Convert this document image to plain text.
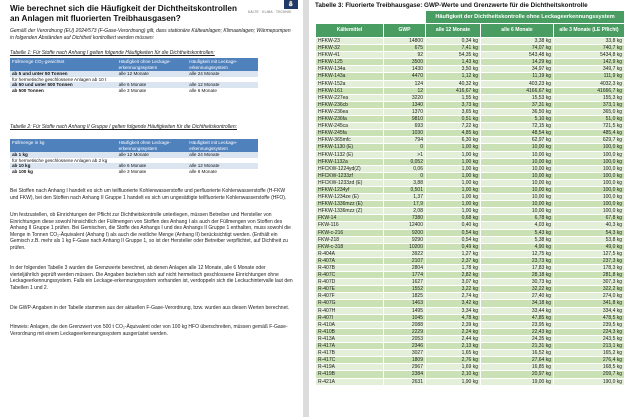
⛄
KÄLTE · KLIMA · TECHNIK
Wie berechnet sich die Häufigkeit der Dichtheitskontrollen an Anlagen mit fluorierten Treibhausgasen?

Gemäß der Verordnung (EU) 2024/573 (F-Gase-Verordnung) gilt, dass stationäre Kälteanlagen; Klimaanlagen; Wärmepumpen in folgenden Abständen auf Dichtheit kontrolliert werden müssen:

Tabelle 1: Für Stoffe nach Anhang I gelten folgende Häufigkeiten für die Dichtheitskontrollen:

Füllmenge CO₂-gewichtet	Häufigkeit ohne Leckage-erkennungssystem	Häufigkeit mit Leckage-erkennungssystem
ab 5 und unter 50 Tonnen	alle 12 Monate	alle 24 Monate
für hermetische geschlossene Anlagen ab 10 t		
ab 50 und unter 500 Tonnen	alle 6 Monate	alle 12 Monate
ab 500 Tonnen	alle 3 Monate	alle 6 Monate

Tabelle 2: Für Stoffe nach Anhang II Gruppe I gelten folgende Häufigkeiten für die Dichtheitskontrollen:

Füllmenge in kg	Häufigkeit ohne Leckage-erkennungssystem	Häufigkeit mit Leckage-erkennungssystem
ab 1 kg	alle 12 Monate	alle 24 Monate
für hermetische geschlossene Anlagen ab 2 kg		
ab 10 kg	alle 6 Monate	alle 12 Monate
ab 100 kg	alle 3 Monate	alle 6 Monate

Bei Stoffen nach Anhang I handelt es sich um teilfluorierte Kohlenwasserstoffe und perfluorierte Kohlenwasserstoffe (H-FKW und FKW), bei den Stoffen nach Anhang II Gruppe 1 handelt es sich um ungesättigte teilfluorierte Kohlenwasserstoffe (HFO).

Um festzustellen, ob Einrichtungen der Pflicht zur Dichtheitskontrolle unterliegen, müssen Betreiber und Hersteller von Einrichtungen diese sowohl hinsichtlich der Füllmengen von Stoffen des Anhang I als auch der Füllmengen von Stoffen des Anhang II Gruppe 1 prüfen. Bei Gemischen, die Stoffe des Anhangs I und des Anhangs II Gruppe 1 enthalten, muss sowohl die Menge in Tonnen CO₂-Äquivalent (Anhang I) als auch die restliche Menge (Anhang II) berücksichtigt werden. (Enthält ein Gemisch z.B. mehr als 1 kg F-Gase nach Anhang II Gruppe 1, so ist der Hersteller oder Betreiber verpflichtet, auf Dichtheit zu prüfen.

In der folgenden Tabelle 3 wurden die Grenzwerte berechnet, ab denen Anlagen alle 12 Monate, alle 6 Monate oder vierteljährlich geprüft werden müssen. Die Angaben beziehen sich auf nicht hermetisch geschlossene Einrichtungen ohne Leckageerkennungssystem. Falls ein Leckage-erkennungssystem vorhanden ist, verdoppeln sich die Leckuchintervalle laut den Tabellen 1 und 2.

Die GWP-Angaben in der Tabelle stammen aus der aktuellen F-Gase-Verordnung, bzw. wurden aus diesen Werten berechnet.

Hinweis: Anlagen, die den Grenzwert von 500 t CO₂-Äquivalent oder von 100 kg HFO überschreiten, müssen gemäß F-Gase-Verordnung mit einem Leckageerkennungssystem ausgerüstet werden.

Tabelle 3: Fluorierte Treibhausgase: GWP-Werte und Grenzwerte für die Dichtheitskontrolle
		Häufigkeit der Dichtheitskontrolle ohne Leckageerkennungssystem		
Kältemittel	GWP	alle 12 Monate	alle 6 Monate	alle 3 Monate (LE Pflicht)
HFKW-23	14800	0,34 kg	3,38 kg	33,8 kg
HFKW-32	675	7,41 kg	74,07 kg	740,7 kg
HFKW-41	92	54,35 kg	543,48 kg	5434,8 kg
HFKW-125	3500	1,43 kg	14,29 kg	142,9 kg
HFKW-134a	1430	3,50 kg	34,97 kg	349,7 kg
HFKW-143a	4470	1,12 kg	11,19 kg	111,9 kg
HFKW-152a	124	40,32 kg	403,23 kg	4032,3 kg
HFKW-161	12	416,67 kg	4166,67 kg	41666,7 kg
HFKW-227ea	3220	1,55 kg	15,53 kg	155,3 kg
HFKW-236cb	1340	3,73 kg	37,31 kg	373,1 kg
HFKW-236ea	1370	3,65 kg	36,50 kg	365,0 kg
HFKW-236fa	9810	0,51 kg	5,10 kg	51,0 kg
HFKW-245ca	693	7,22 kg	72,15 kg	721,5 kg
HFKW-245fa	1030	4,85 kg	48,54 kg	485,4 kg
HFKW-365mfc	794	6,30 kg	62,97 kg	629,7 kg
HFKW-1130 (E)	0	1,00 kg	10,00 kg	100,0 kg
HFKW-1132 (E)	>1	1,00 kg	10,00 kg	100,0 kg
HFKW-1132a	0,052	1,00 kg	10,00 kg	100,0 kg
HFCKW-1224yd(Z)	0,06	1,00 kg	10,00 kg	100,0 kg
HFCKW-1233zf	0	1,00 kg	10,00 kg	100,0 kg
HFCKW-1233zd (E)	3,88	1,00 kg	10,00 kg	100,0 kg
HFKW-1234yf	0,501	1,00 kg	10,00 kg	100,0 kg
HFKW-1234ze (E)	1,37	1,00 kg	10,00 kg	100,0 kg
HFKW-1336mzz (E)	17,9	1,00 kg	10,00 kg	100,0 kg
HFKW-1336mzz (Z)	2,08	1,00 kg	10,00 kg	100,0 kg
FKW-14	7380	0,68 kg	6,78 kg	67,8 kg
FKW-116	12400	0,40 kg	4,03 kg	40,3 kg
FKW-c-216	9200	0,54 kg	5,43 kg	54,3 kg
FKW-218	9290	0,54 kg	5,38 kg	53,8 kg
FKW-c-318	10200	0,49 kg	4,90 kg	49,0 kg
R-404A	3922	1,27 kg	12,75 kg	127,5 kg
R-407A	2107	2,37 kg	23,73 kg	237,3 kg
R-407B	2804	1,78 kg	17,83 kg	178,3 kg
R-407C	1774	2,82 kg	28,18 kg	281,8 kg
R-407D	1627	3,07 kg	30,73 kg	307,3 kg
R-407E	1552	3,22 kg	32,22 kg	322,2 kg
R-407F	1825	2,74 kg	27,40 kg	274,0 kg
R-407G	1463	3,42 kg	34,18 kg	341,8 kg
R-407H	1495	3,34 kg	33,44 kg	334,4 kg
R-407I	1045	4,78 kg	47,85 kg	478,5 kg
R-410A	2088	2,39 kg	23,95 kg	239,5 kg
R-410B	2229	2,24 kg	22,43 kg	224,3 kg
R-413A	2053	2,44 kg	24,35 kg	243,5 kg
R-417A	2346	2,13 kg	21,31 kg	213,1 kg
R-417B	3027	1,65 kg	16,52 kg	165,2 kg
R-417C	1809	2,76 kg	27,64 kg	276,4 kg
R-419A	2967	1,69 kg	16,85 kg	168,5 kg
R-419B	2384	2,10 kg	20,97 kg	209,7 kg
R-421A	2631	1,90 kg	19,00 kg	190,0 kg
